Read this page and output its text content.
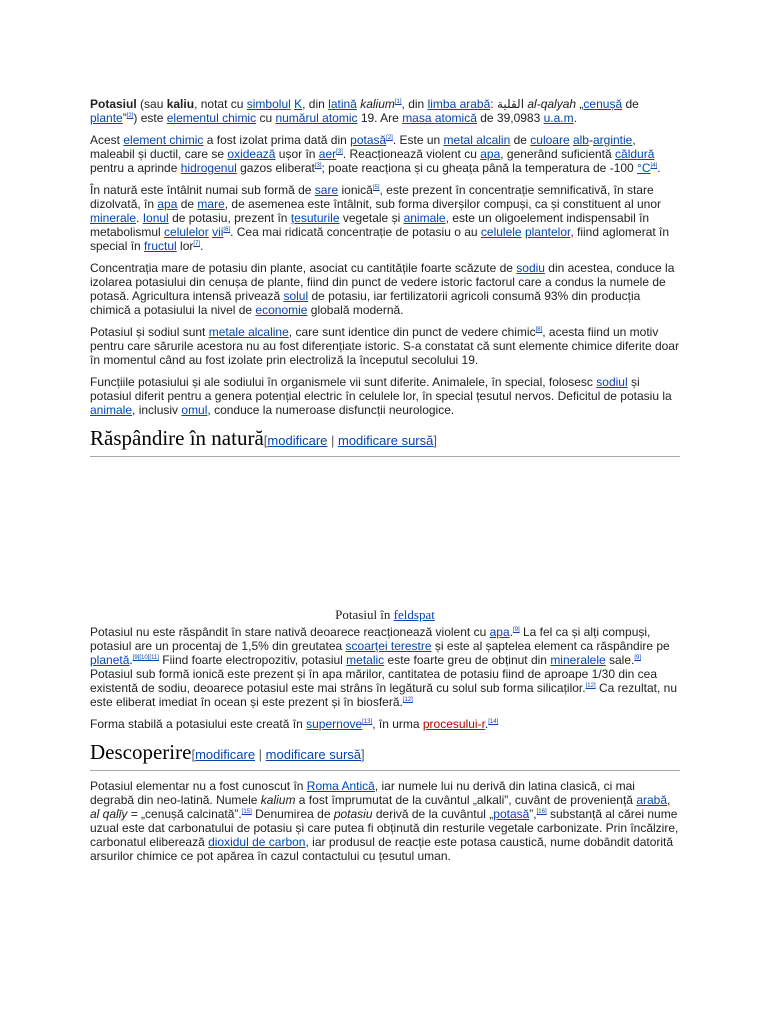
Potasiul (sau kaliu, notat cu simbolul K, din latină kalium[1], din limba arabă: القلية al-qalyah „cenușă de plante”[2]) este elementul chimic cu numărul atomic 19. Are masa atomică de 39,0983 u.a.m.

Acest element chimic a fost izolat prima dată din potasă[2]. Este un metal alcalin de culoare alb-argintie, maleabil și ductil, care se oxidează ușor în aer[3]. Reacționează violent cu apa, generând suficientă căldură pentru a aprinde hidrogenul gazos eliberat[3]; poate reacționa și cu gheața până la temperatura de -100 °C[4].

În natură este întâlnit numai sub formă de sare ionică[5], este prezent în concentrație semnificativă, în stare dizolvată, în apa de mare, de asemenea este întâlnit, sub forma diverșilor compuși, ca și constituent al unor minerale. Ionul de potasiu, prezent în țesuturile vegetale și animale, este un oligoelement indispensabil în metabolismul celulelor vii[6]. Cea mai ridicată concentrație de potasiu o au celulele plantelor, fiind aglomerat în special în fructul lor[7].

Concentrația mare de potasiu din plante, asociat cu cantitățile foarte scăzute de sodiu din acestea, conduce la izolarea potasiului din cenușa de plante, fiind din punct de vedere istoric factorul care a condus la numele de potasă. Agricultura intensă privează solul de potasiu, iar fertilizatorii agricoli consumă 93% din producția chimică a potasiului la nivel de economie globală modernă.

Potasiul și sodiul sunt metale alcaline, care sunt identice din punct de vedere chimic[8], acesta fiind un motiv pentru care sărurile acestora nu au fost diferențiate istoric. S-a constatat că sunt elemente chimice diferite doar în momentul când au fost izolate prin electroliză la începutul secolului 19.

Funcțiile potasiului și ale sodiului în organismele vii sunt diferite. Animalele, în special, folosesc sodiul și potasiul diferit pentru a genera potențial electric în celulele lor, în special țesutul nervos. Deficitul de potasiu la animale, inclusiv omul, conduce la numeroase disfuncții neurologice.

Răspândire în natură[modificare | modificare sursă]
Potasiul în feldspat

Potasiul nu este răspândit în stare nativă deoarece reacționează violent cu apa.[9] La fel ca și alți compuși, potasiul are un procentaj de 1,5% din greutatea scoarței terestre și este al șaptelea element ca răspândire pe planetă.[9][10][11] Fiind foarte electropozitiv, potasiul metalic este foarte greu de obținut din mineralele sale.[9] Potasiul sub formă ionică este prezent și în apa mărilor, cantitatea de potasiu fiind de aproape 1/30 din cea existentă de sodiu, deoarece potasiul este mai strâns în legătură cu solul sub forma silicaților.[12] Ca rezultat, nu este eliberat imediat în ocean și este prezent și în biosferă.[12]

Forma stabilă a potasiului este creată în supernove[13], în urma procesului-r.[14]

Descoperire[modificare | modificare sursă]

Potasiul elementar nu a fost cunoscut în Roma Antică, iar numele lui nu derivă din latina clasică, ci mai degrabă din neo-latină. Numele kalium a fost împrumutat de la cuvântul „alkali”, cuvânt de proveniență arabă, al qalīy = „cenușă calcinată”.[15] Denumirea de potasiu derivă de la cuvântul „potasă”,[16] substanță al cărei nume uzual este dat carbonatului de potasiu și care putea fi obținută din resturile vegetale carbonizate. Prin încălzire, carbonatul eliberează dioxidul de carbon, iar produsul de reacție este potasa caustică, nume dobândit datorită arsurilor chimice ce pot apărea în cazul contactului cu țesutul uman.
